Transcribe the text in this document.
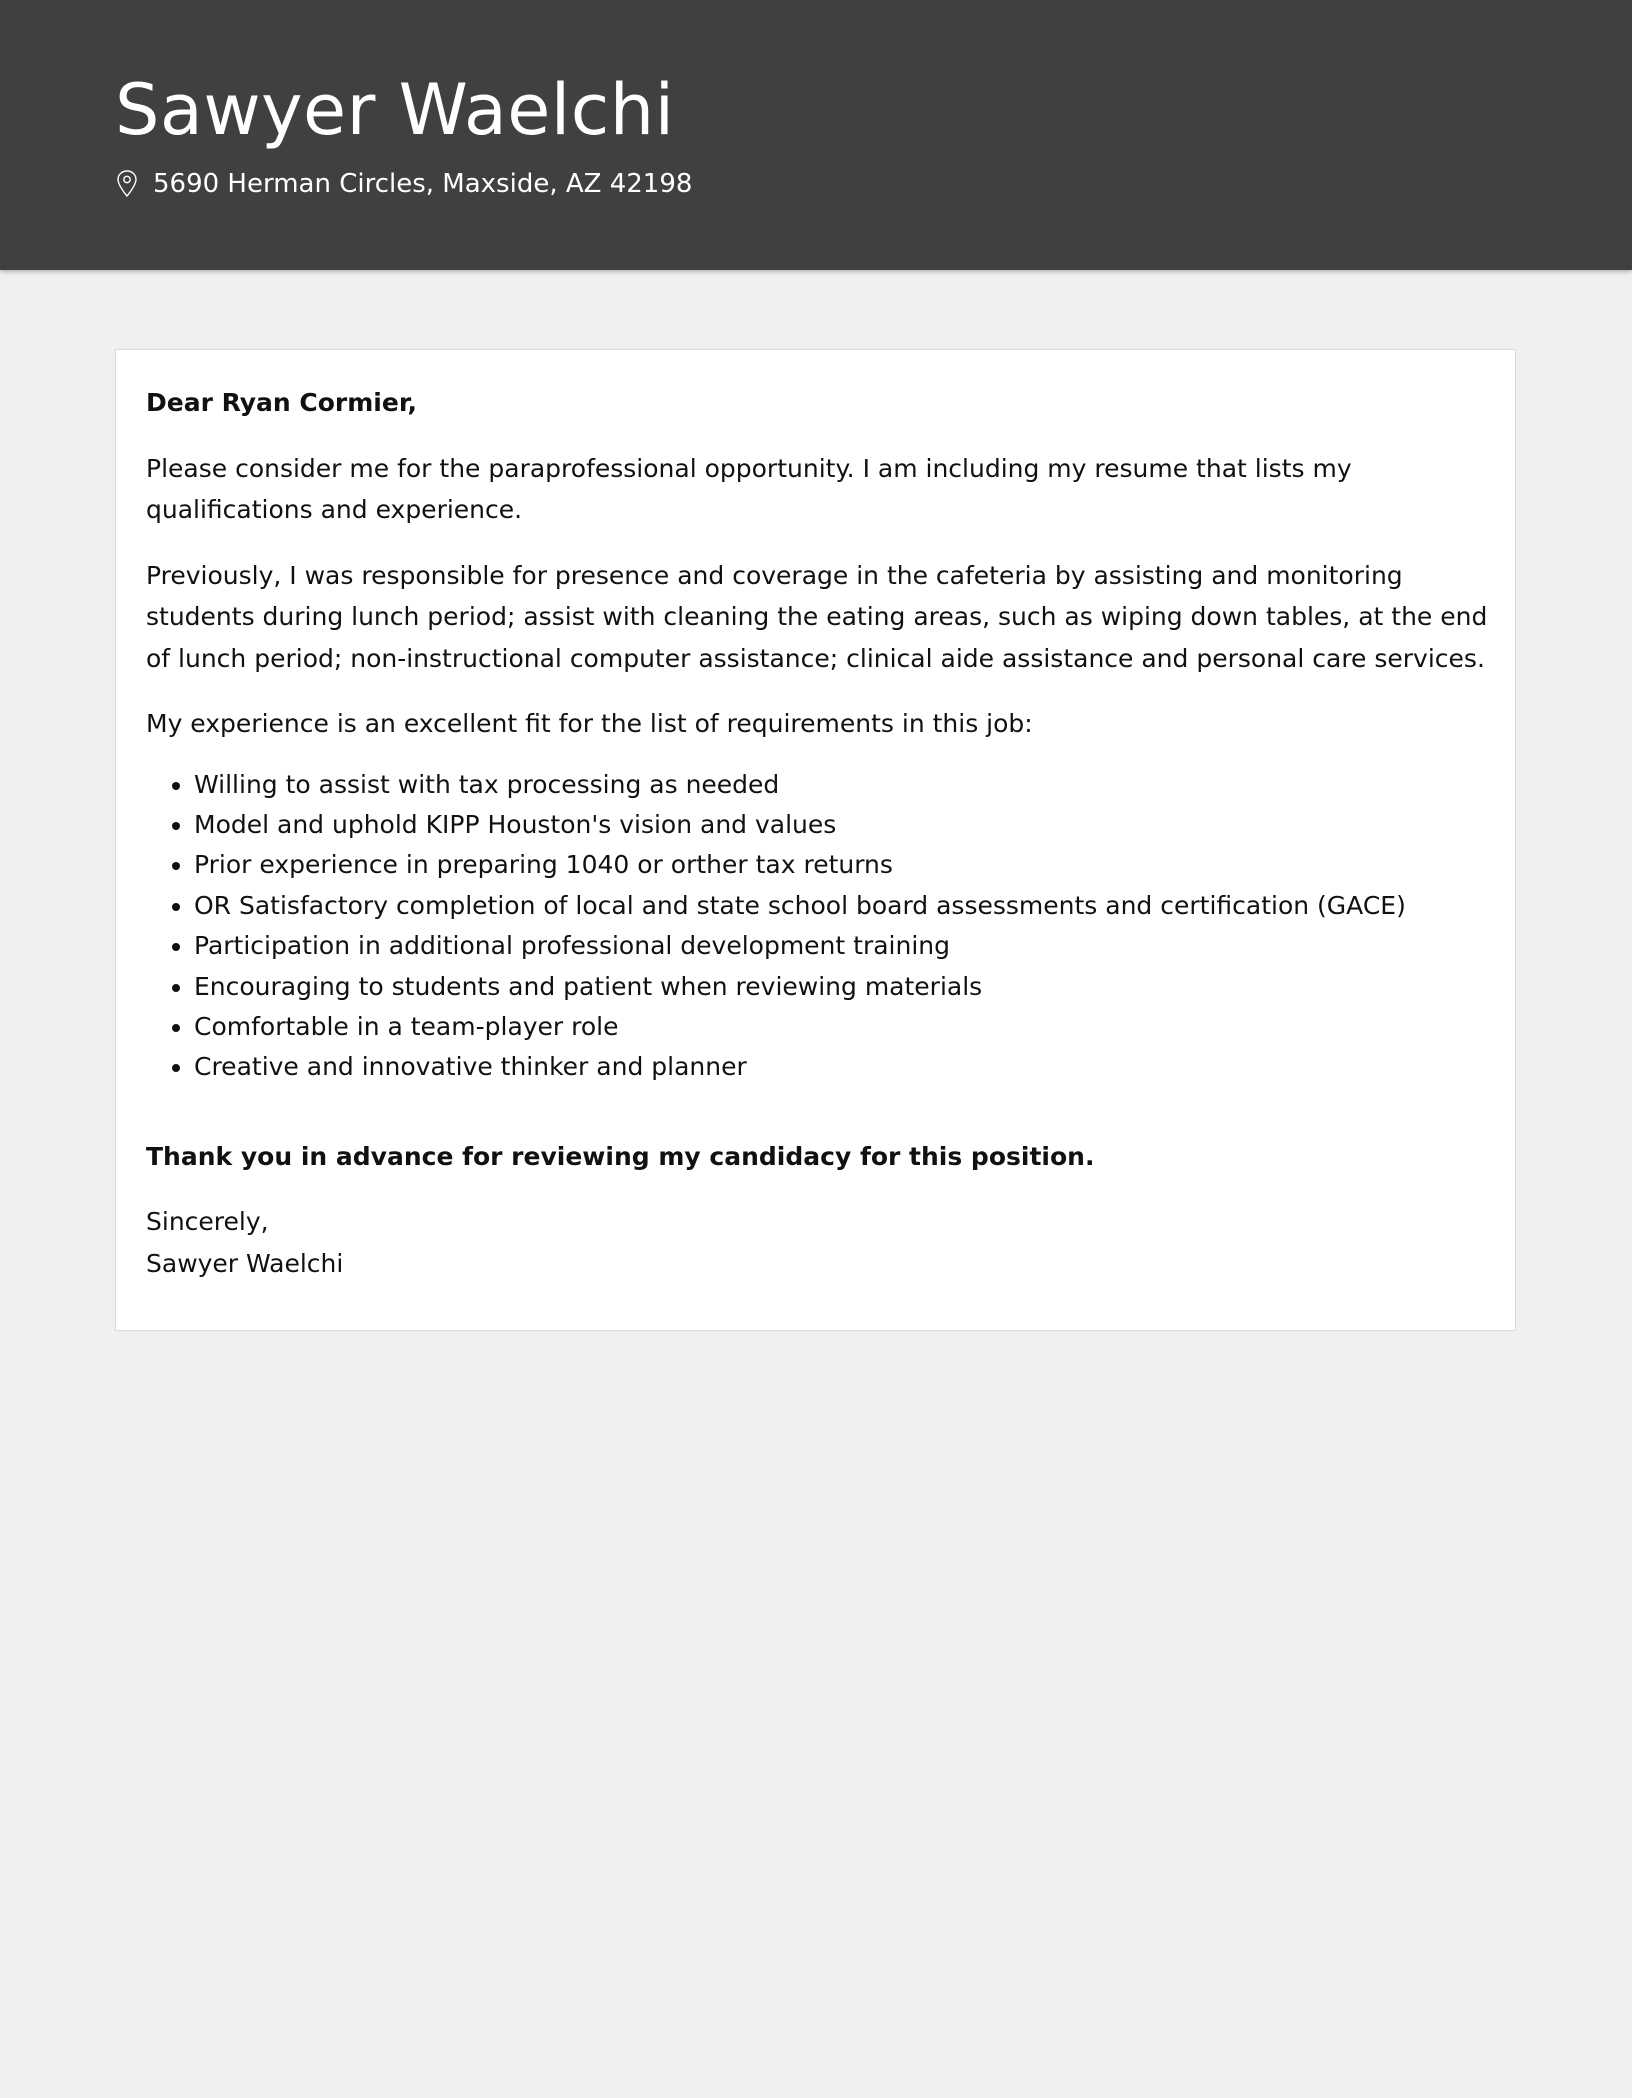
Sawyer Waelchi
5690 Herman Circles, Maxside, AZ 42198

Dear Ryan Cormier,

Please consider me for the paraprofessional opportunity. I am including my resume that lists my qualifications and experience.

Previously, I was responsible for presence and coverage in the cafeteria by assisting and monitoring students during lunch period; assist with cleaning the eating areas, such as wiping down tables, at the end of lunch period; non-instructional computer assistance; clinical aide assistance and personal care services.

My experience is an excellent fit for the list of requirements in this job:

• Willing to assist with tax processing as needed
• Model and uphold KIPP Houston's vision and values
• Prior experience in preparing 1040 or orther tax returns
• OR Satisfactory completion of local and state school board assessments and certification (GACE)
• Participation in additional professional development training
• Encouraging to students and patient when reviewing materials
• Comfortable in a team-player role
• Creative and innovative thinker and planner

Thank you in advance for reviewing my candidacy for this position.

Sincerely,
Sawyer Waelchi
